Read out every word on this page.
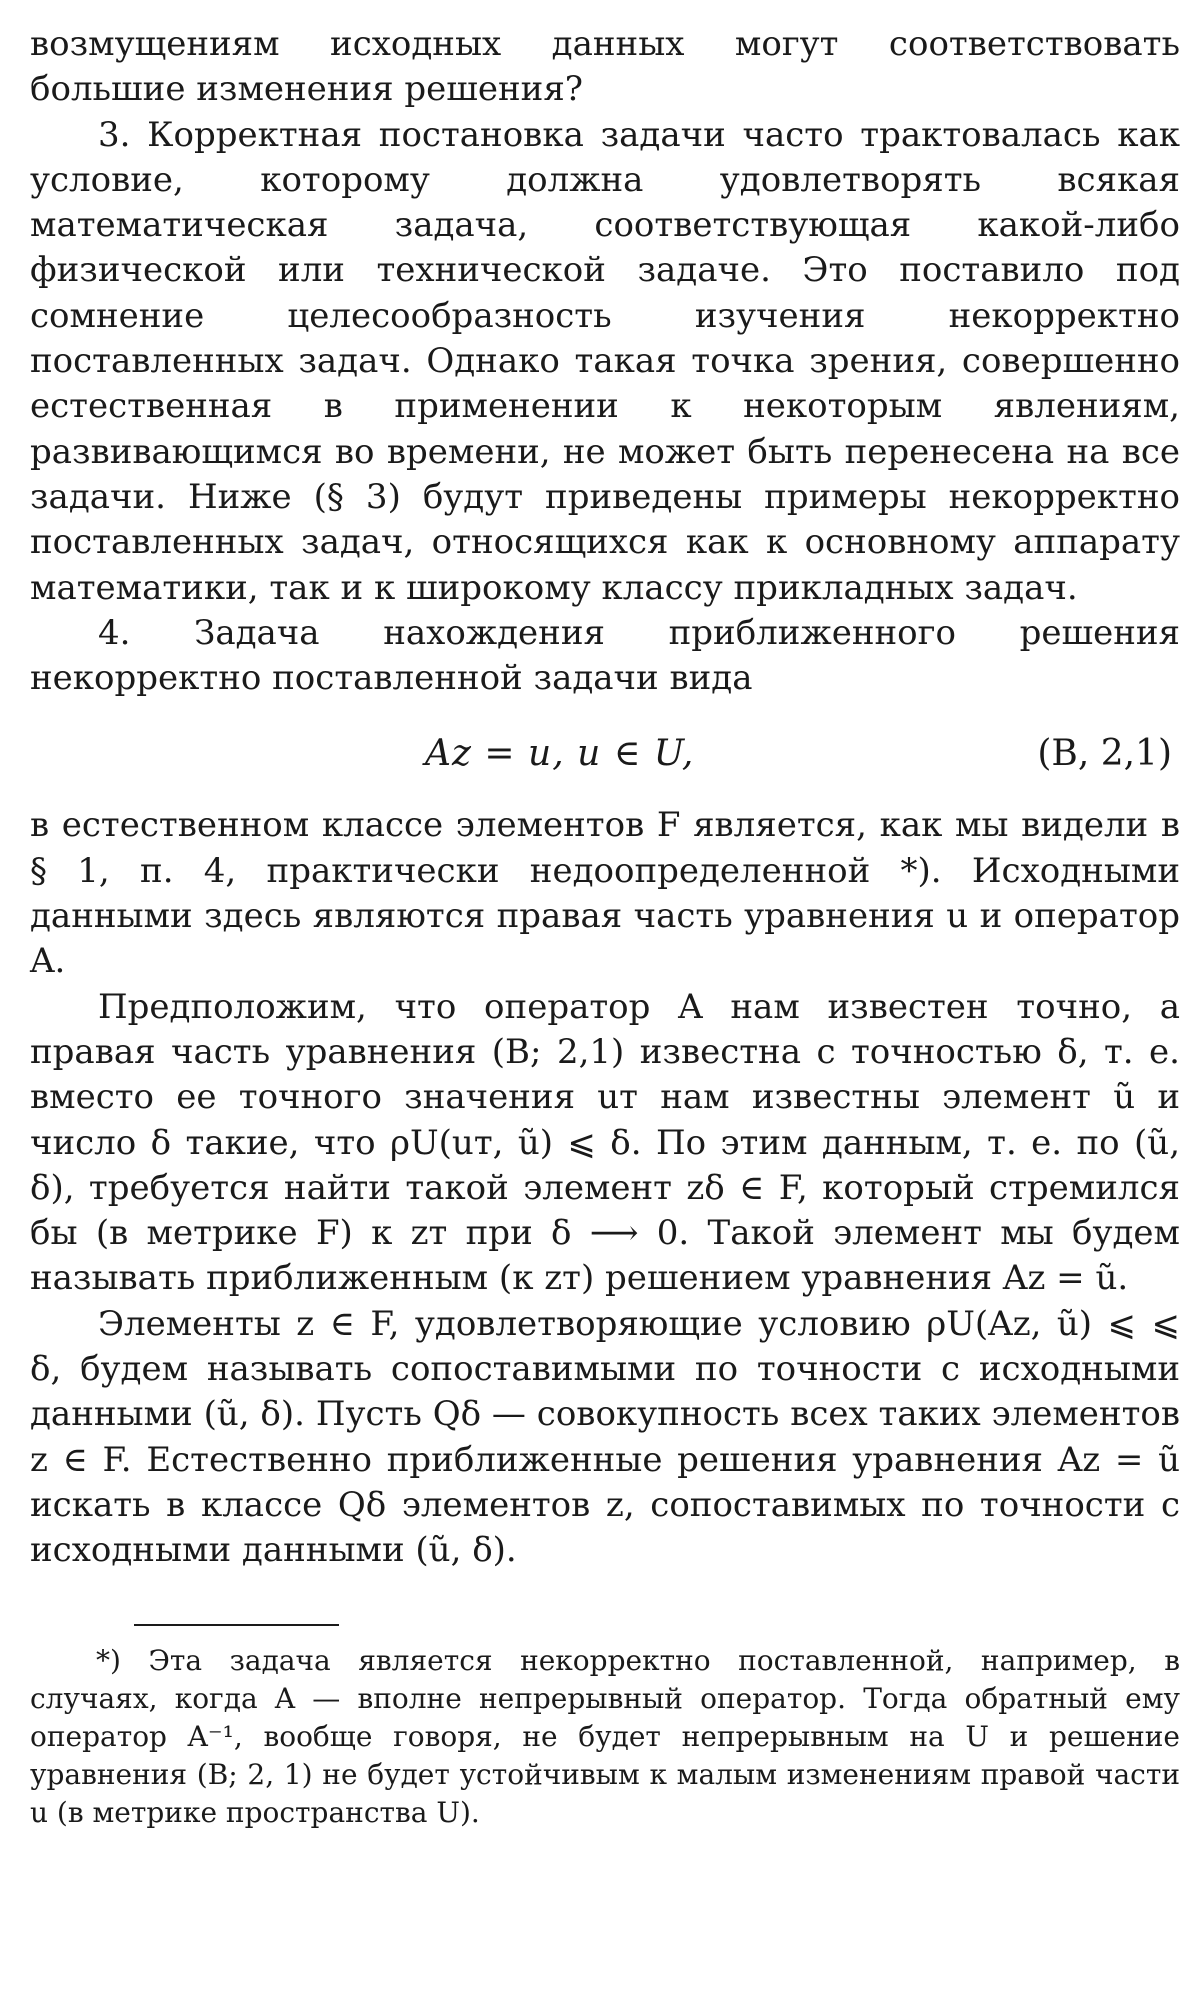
возмущениям исходных данных могут соответствовать большие изменения решения?

3. Корректная постановка задачи часто трактовалась как условие, которому должна удовлетворять всякая математическая задача, соответствующая какой-либо физической или технической задаче. Это поставило под сомнение целесообразность изучения некорректно поставленных задач. Однако такая точка зрения, совершенно естественная в применении к некоторым явлениям, развивающимся во времени, не может быть перенесена на все задачи. Ниже (§ 3) будут приведены примеры некорректно поставленных задач, относящихся как к основному аппарату математики, так и к широкому классу прикладных задач.

4. Задача нахождения приближенного решения некорректно поставленной задачи вида

Az = u, u ∈ U,	(В, 2,1)

в естественном классе элементов F является, как мы видели в § 1, п. 4, практически недоопределенной *). Исходными данными здесь являются правая часть уравнения u и оператор A.

Предположим, что оператор A нам известен точно, а правая часть уравнения (В; 2,1) известна с точностью δ, т. е. вместо ее точного значения uт нам известны элемент ũ и число δ такие, что ρU(uт, ũ) ⩽ δ. По этим данным, т. е. по (ũ, δ), требуется найти такой элемент zδ ∈ F, который стремился бы (в метрике F) к zт при δ ⟶ 0. Такой элемент мы будем называть приближенным (к zт) решением уравнения Az = ũ.

Элементы z ∈ F, удовлетворяющие условию ρU(Az, ũ) ⩽ ⩽ δ, будем называть сопоставимыми по точности с исходными данными (ũ, δ). Пусть Qδ — совокупность всех таких элементов z ∈ F. Естественно приближенные решения уравнения Az = ũ искать в классе Qδ элементов z, сопоставимых по точности с исходными данными (ũ, δ).

*) Эта задача является некорректно поставленной, например, в случаях, когда A — вполне непрерывный оператор. Тогда обратный ему оператор A⁻¹, вообще говоря, не будет непрерывным на U и решение уравнения (В; 2, 1) не будет устойчивым к малым изменениям правой части u (в метрике пространства U).
